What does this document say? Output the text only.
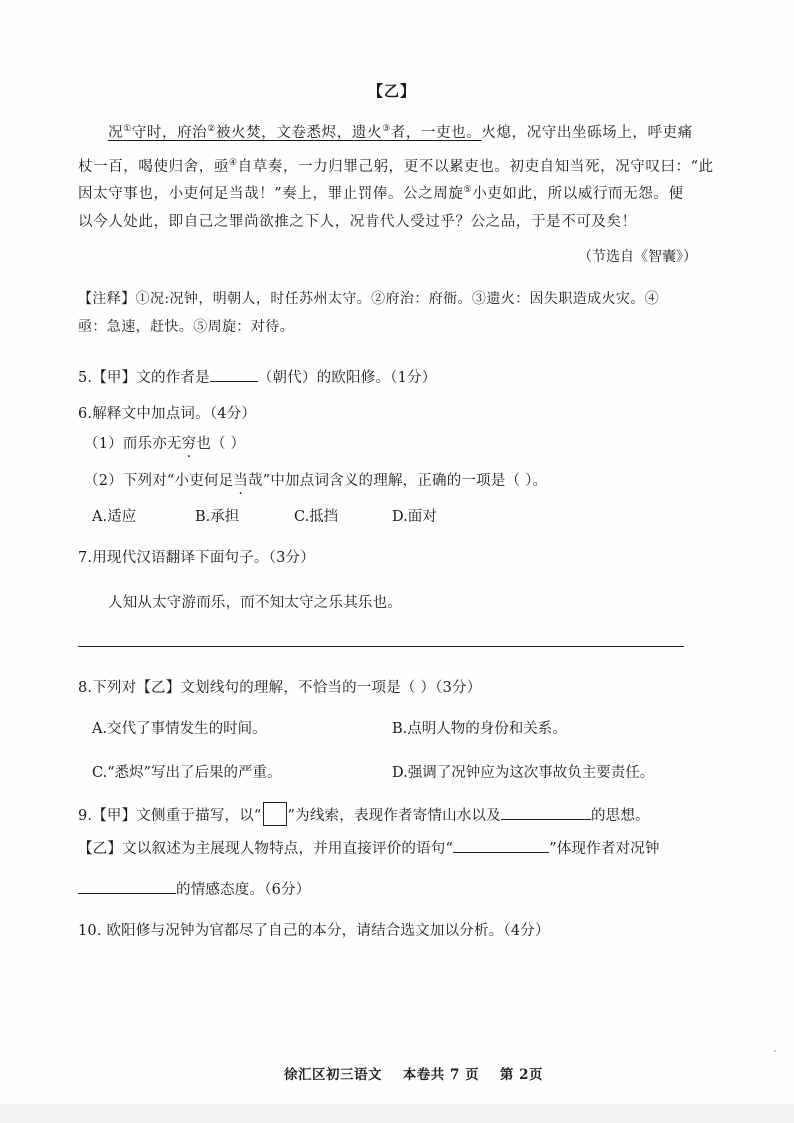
【乙】
况①守时，府治②被火焚，文卷悉烬，遗火③者，一吏也。火熄，况守出坐砾场上，呼吏痛
杖一百，喝使归舍，亟④自草奏，一力归罪己躬，更不以累吏也。初吏自知当死，况守叹曰：“此
因太守事也，小吏何足当哉！”奏上，罪止罚俸。公之周旋⑤小吏如此，所以威行而无怨。便
以今人处此，即自己之罪尚欲推之下人，况肯代人受过乎？公之品，于是不可及矣！
（节选自《智囊》）
【注释】①况:况钟，明朝人，时任苏州太守。②府治：府衙。③遗火：因失职造成火灾。④
亟：急速，赶快。⑤周旋：对待。
5.【甲】文的作者是	（朝代）的欧阳修。（1分）
6.解释文中加点词。（4分）
（1）而乐亦无穷也（ ）
（2）下列对“小吏何足当哉”中加点词含义的理解，正确的一项是（ ）。
A.适应	B.承担	C.抵挡	D.面对
7.用现代汉语翻译下面句子。（3分）
人知从太守游而乐，而不知太守之乐其乐也。
8.下列对【乙】文划线句的理解，不恰当的一项是（ ）（3分）
A.交代了事情发生的时间。	B.点明人物的身份和关系。
C.“悉烬”写出了后果的严重。	D.强调了况钟应为这次事故负主要责任。
9.【甲】文侧重于描写，以“ ”为线索，表现作者寄情山水以及	的思想。
【乙】文以叙述为主展现人物特点，并用直接评价的语句“	”体现作者对况钟
的情感态度。（6分）
10. 欧阳修与况钟为官都尽了自己的本分，请结合选文加以分析。（4分）
徐汇区初三语文    本卷共 7 页    第 2页
